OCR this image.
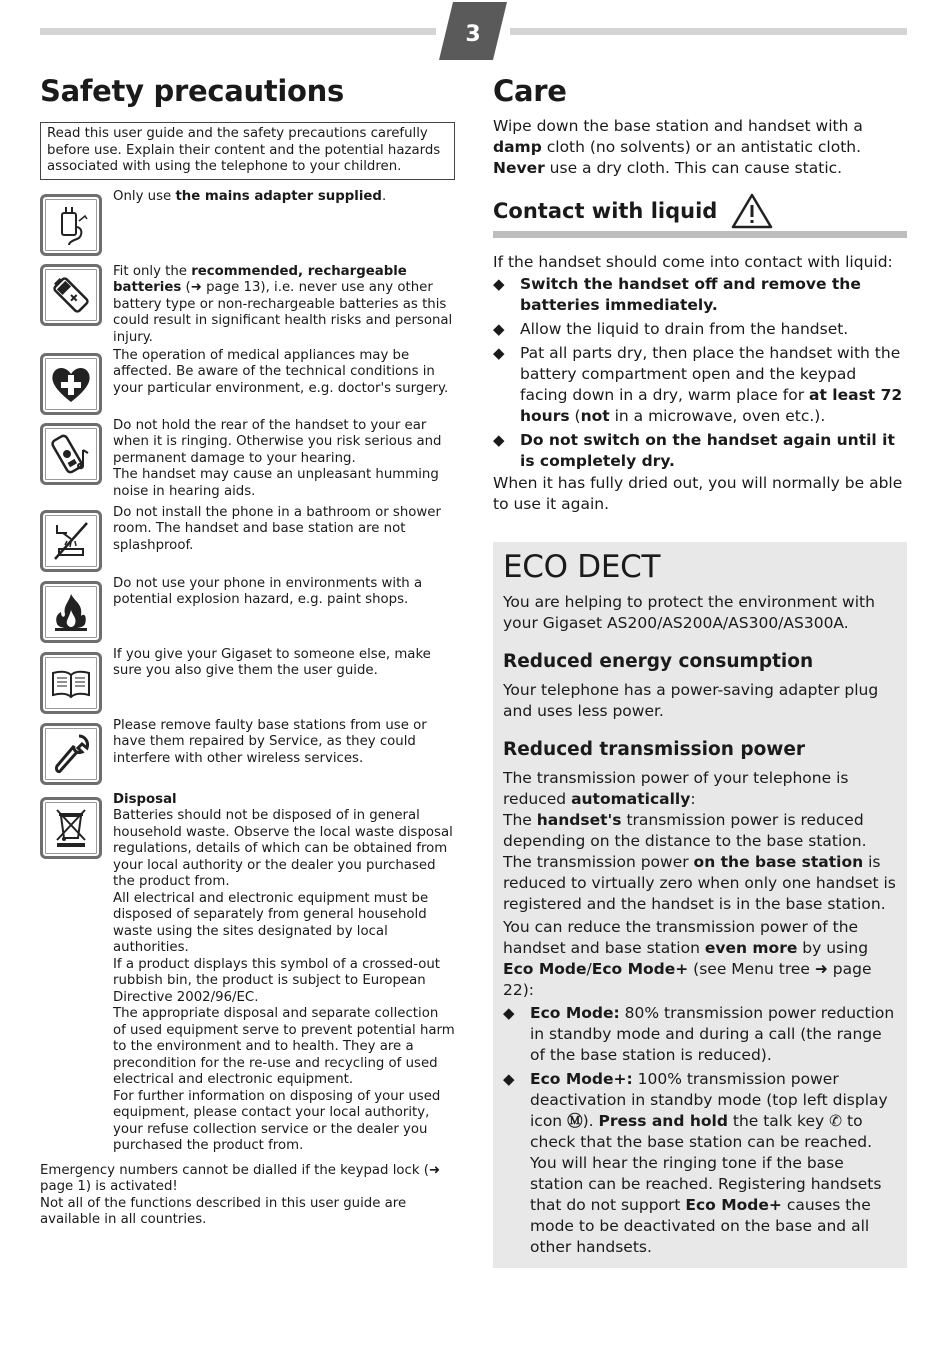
3
Safety precautions
Read this user guide and the safety precautions carefully before use. Explain their content and the potential hazards associated with using the telephone to your children.
Only use the mains adapter supplied.
Fit only the recommended, rechargeable batteries (➜ page 13), i.e. never use any other battery type or non-rechargeable batteries as this could result in significant health risks and personal injury.
The operation of medical appliances may be affected. Be aware of the technical conditions in your particular environment, e.g. doctor's surgery.

Do not hold the rear of the handset to your ear when it is ringing. Otherwise you risk serious and permanent damage to your hearing.

The handset may cause an unpleasant humming noise in hearing aids.

Do not install the phone in a bathroom or shower room. The handset and base station are not splashproof.
Do not use your phone in environments with a potential explosion hazard, e.g. paint shops.
If you give your Gigaset to someone else, make sure you also give them the user guide.
Please remove faulty base stations from use or have them repaired by Service, as they could interfere with other wireless services.

Disposal

Batteries should not be disposed of in general household waste. Observe the local waste disposal regulations, details of which can be obtained from your local authority or the dealer you purchased the product from.

All electrical and electronic equipment must be disposed of separately from general household waste using the sites designated by local authorities.

If a product displays this symbol of a crossed-out rubbish bin, the product is subject to European Directive 2002/96/EC.

The appropriate disposal and separate collection of used equipment serve to prevent potential harm to the environment and to health. They are a precondition for the re-use and recycling of used electrical and electronic equipment.

For further information on disposing of your used equipment, please contact your local authority, your refuse collection service or the dealer you purchased the product from.

Emergency numbers cannot be dialled if the keypad lock (➜ page 1) is activated!

Not all of the functions described in this user guide are available in all countries.

Care
Wipe down the base station and handset with a damp cloth (no solvents) or an antistatic cloth. Never use a dry cloth. This can cause static.
Contact with liquid

If the handset should come into contact with liquid:

◆ Switch the handset off and remove the batteries immediately.
◆ Allow the liquid to drain from the handset.
◆ Pat all parts dry, then place the handset with the battery compartment open and the keypad facing down in a dry, warm place for at least 72 hours (not in a microwave, oven etc.).
◆ Do not switch on the handset again until it is completely dry.

When it has fully dried out, you will normally be able to use it again.

ECO DECT

You are helping to protect the environment with your Gigaset AS200/AS200A/AS300/AS300A.

Reduced energy consumption

Your telephone has a power-saving adapter plug and uses less power.

Reduced transmission power

The transmission power of your telephone is reduced automatically:

The handset's transmission power is reduced depending on the distance to the base station. The transmission power on the base station is reduced to virtually zero when only one handset is registered and the handset is in the base station.

You can reduce the transmission power of the handset and base station even more by using Eco Mode/Eco Mode+ (see Menu tree ➜ page 22):

◆ Eco Mode: 80% transmission power reduction in standby mode and during a call (the range of the base station is reduced).
◆ Eco Mode+: 100% transmission power deactivation in standby mode (top left display icon Ⓜ). Press and hold the talk key ✆ to check that the base station can be reached. You will hear the ringing tone if the base station can be reached. Registering handsets that do not support Eco Mode+ causes the mode to be deactivated on the base and all other handsets.
